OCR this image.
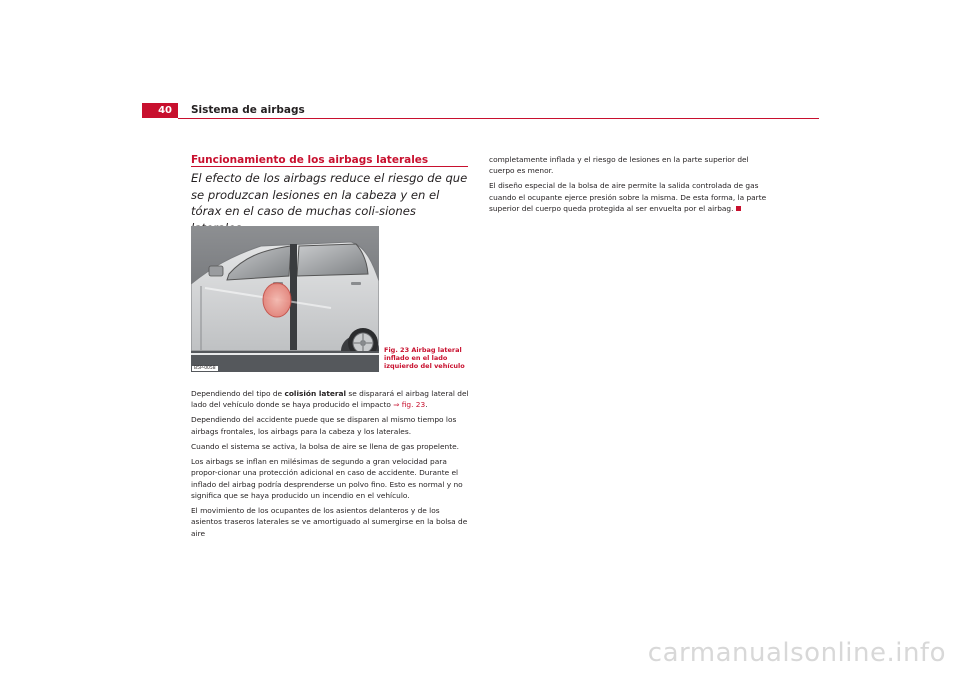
40	Sistema de airbags
Funcionamiento de los airbags laterales
El efecto de los airbags reduce el riesgo de que se produzcan lesiones en la cabeza y en el tórax en el caso de muchas coli-siones
B5P-0058
Fig. 23 Airbag lateral inflado en el lado izquierdo del vehículo

Dependiendo del tipo de colisión lateral se disparará el airbag lateral del lado del vehículo donde se haya producido el impacto ⇒ fig. 23.

Dependiendo del accidente puede que se disparen al mismo tiempo los airbags frontales, los airbags para la cabeza y los laterales.

Cuando el sistema se activa, la bolsa de aire se llena de gas propelente.

Los airbags se inflan en milésimas de segundo a gran velocidad para propor-cionar una protección adicional en caso de accidente. Durante el inflado del airbag podría desprenderse un polvo fino. Esto es normal y no significa que se haya producido un incendio en el vehículo.

El movimiento de los ocupantes de los asientos delanteros y de los asientos traseros laterales se ve amortiguado al sumergirse en la bolsa de aire

completamente inflada y el riesgo de lesiones en la parte superior del cuerpo es menor.

El diseño especial de la bolsa de aire permite la salida controlada de gas cuando el ocupante ejerce presión sobre la misma. De esta forma, la parte superior del cuerpo queda protegida al ser envuelta por el airbag.

carmanualsonline.info
